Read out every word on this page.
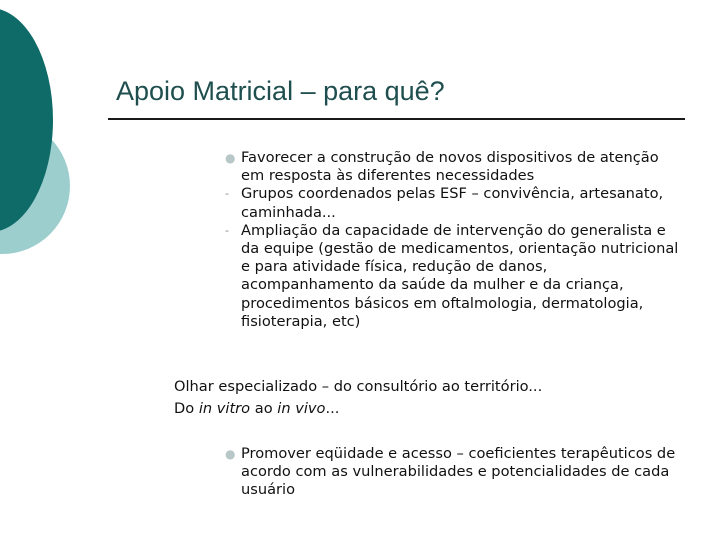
Apoio Matricial – para quê?
● Favorecer a construção de novos dispositivos de atenção em resposta às diferentes necessidades
- Grupos coordenados pelas ESF – convivência, artesanato, caminhada...
- Ampliação da capacidade de intervenção do generalista e da equipe (gestão de medicamentos, orientação nutricional e para atividade física, redução de danos, acompanhamento da saúde da mulher e da criança, procedimentos básicos em oftalmologia, dermatologia, fisioterapia, etc)
Olhar especializado – do consultório ao território...
Do in vitro ao in vivo...
● Promover eqüidade e acesso – coeficientes terapêuticos de acordo com as vulnerabilidades e potencialidades de cada usuário
